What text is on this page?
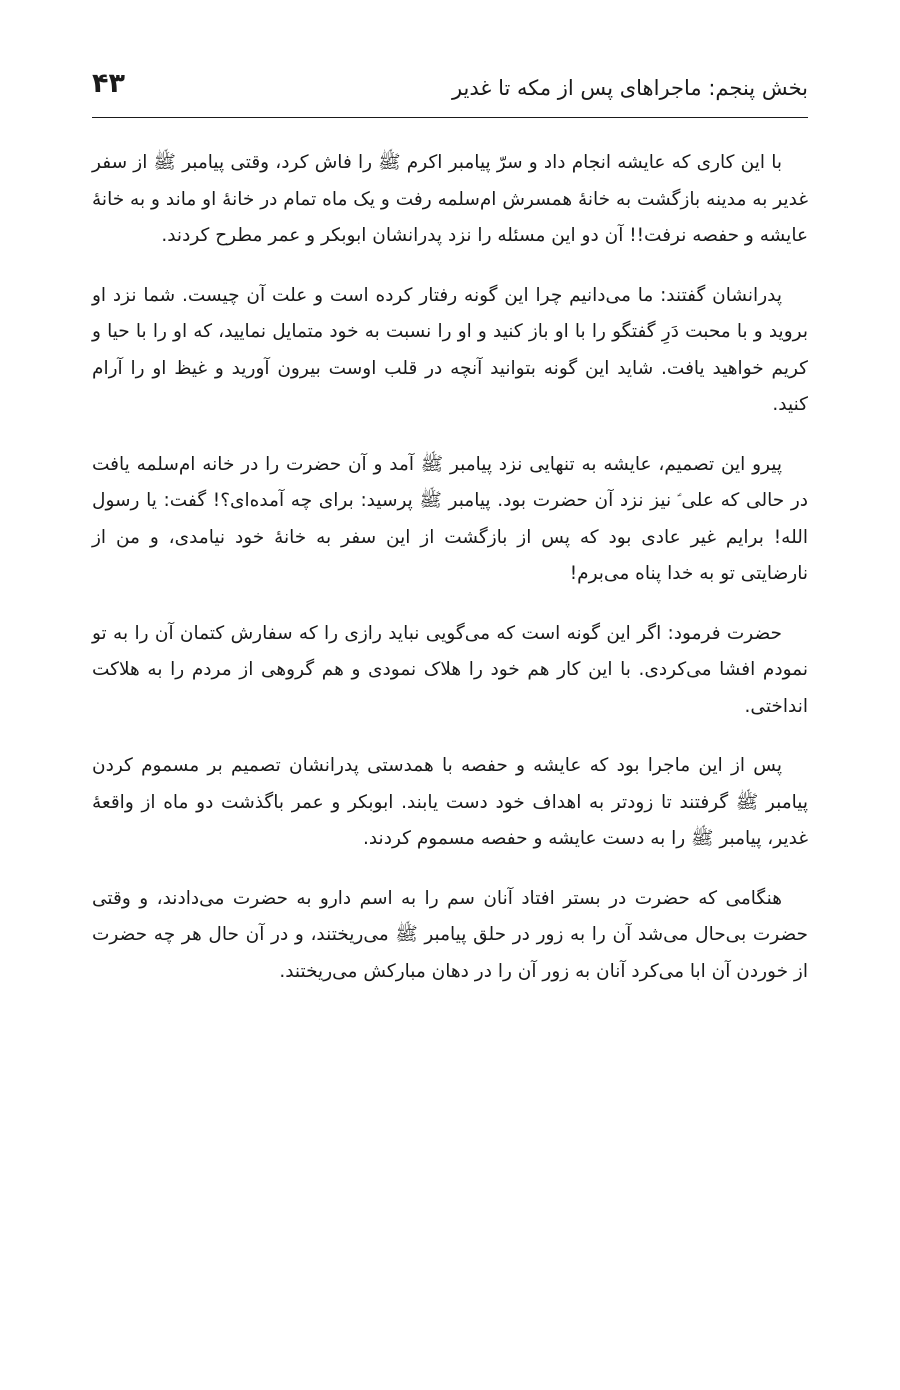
بخش پنجم: ماجراهای پس از مکه تا غدیر
۴۳

با این کاری که عایشه انجام داد و سرّ پیامبر اکرم ﷺ را فاش کرد، وقتی پیامبر ﷺ از سفر غدیر به مدینه بازگشت به خانهٔ همسرش ام‌سلمه رفت و یک ماه تمام در خانهٔ او ماند و به خانهٔ عایشه و حفصه نرفت!! آن دو این مسئله را نزد پدرانشان ابوبکر و عمر مطرح کردند.

پدرانشان گفتند: ما می‌دانیم چرا این گونه رفتار کرده است و علت آن چیست. شما نزد او بروید و با محبت دَرِ گفتگو را با او باز کنید و او را نسبت به خود متمایل نمایید، که او را با حیا و کریم خواهید یافت. شاید این گونه بتوانید آنچه در قلب اوست بیرون آورید و غیظ او را آرام کنید.

پیرو این تصمیم، عایشه به تنهایی نزد پیامبر ﷺ آمد و آن حضرت را در خانه ام‌سلمه یافت در حالی که علی ؑ نیز نزد آن حضرت بود. پیامبر ﷺ پرسید: برای چه آمده‌ای؟! گفت: یا رسول الله! برایم غیر عادی بود که پس از بازگشت از این سفر به خانهٔ خود نیامدی، و من از نارضایتی تو به خدا پناه می‌برم!

حضرت فرمود: اگر این گونه است که می‌گویی نباید رازی را که سفارش کتمان آن را به تو نمودم افشا می‌کردی. با این کار هم خود را هلاک نمودی و هم گروهی از مردم را به هلاکت انداختی.

پس از این ماجرا بود که عایشه و حفصه با همدستی پدرانشان تصمیم بر مسموم کردن پیامبر ﷺ گرفتند تا زودتر به اهداف خود دست یابند. ابوبکر و عمر باگذشت دو ماه از واقعهٔ غدیر، پیامبر ﷺ را به دست عایشه و حفصه مسموم کردند.

هنگامی که حضرت در بستر افتاد آنان سم را به اسم دارو به حضرت می‌دادند، و وقتی حضرت بی‌حال می‌شد آن را به زور در حلق پیامبر ﷺ می‌ریختند، و در آن حال هر چه حضرت از خوردن آن ابا می‌کرد آنان به زور آن را در دهان مبارکش می‌ریختند.
